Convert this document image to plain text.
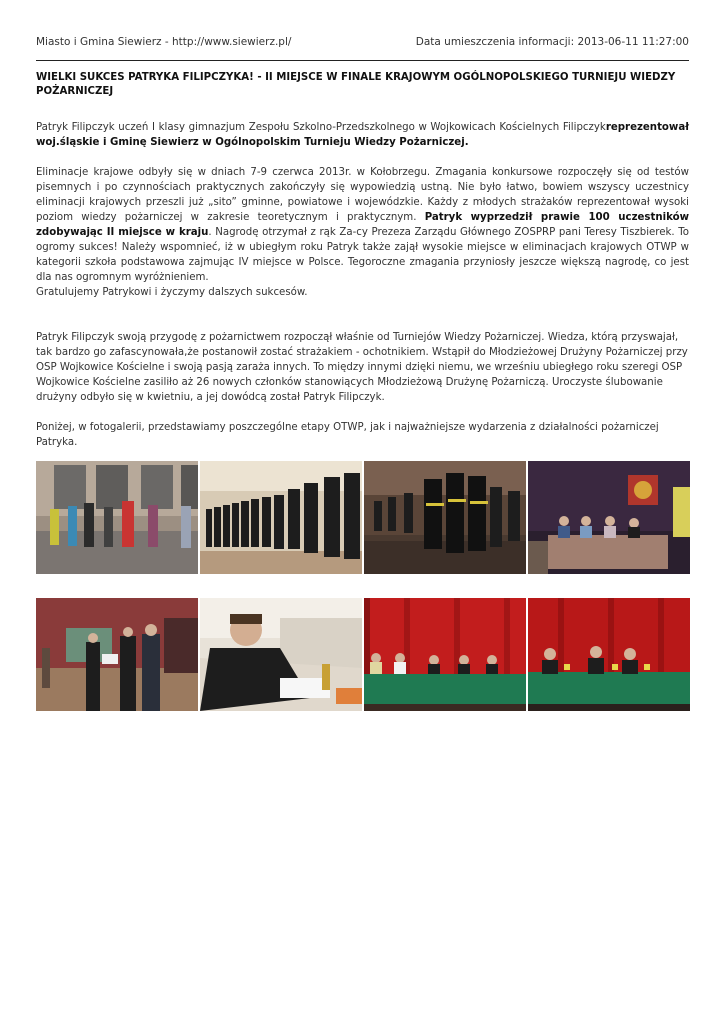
Miasto i Gmina Siewierz - http://www.siewierz.pl/	Data umieszczenia informacji: 2013-06-11 11:27:00
WIELKI SUKCES PATRYKA FILIPCZYKA! - II MIEJSCE W FINALE KRAJOWYM OGÓLNOPOLSKIEGO TURNIEJU WIEDZY POŻARNICZEJ

Patryk Filipczyk uczeń I klasy gimnazjum Zespołu Szkolno-Przedszkolnego w Wojkowicach Kościelnych Filipczykreprezentował woj.śląskie i Gminę Siewierz w Ogólnopolskim Turnieju Wiedzy Pożarniczej.

Eliminacje krajowe odbyły się w dniach 7-9 czerwca 2013r. w Kołobrzegu. Zmagania konkursowe rozpoczęły się od testów pisemnych i po czynnościach praktycznych zakończyły się wypowiedzią ustną. Nie było łatwo, bowiem wszyscy uczestnicy eliminacji krajowych przeszli już „sito” gminne, powiatowe i wojewódzkie. Każdy z młodych strażaków reprezentował wysoki poziom wiedzy pożarniczej w zakresie teoretycznym i praktycznym. Patryk wyprzedził prawie 100 uczestników zdobywając II miejsce w kraju. Nagrodę otrzymał z rąk Za-cy Prezeza Zarządu Głównego ZOSPRP pani Teresy Tiszbierek. To ogromy sukces! Należy wspomnieć, iż w ubiegłym roku Patryk także zajął wysokie miejsce w eliminacjach krajowych OTWP w kategorii szkoła podstawowa zajmując IV miejsce w Polsce. Tegoroczne zmagania przyniosły jeszcze większą nagrodę, co jest dla nas ogromnym wyróżnieniem.

Gratulujemy Patrykowi i życzymy dalszych sukcesów.

Patryk Filipczyk swoją przygodę z pożarnictwem rozpoczął właśnie od Turniejów Wiedzy Pożarniczej. Wiedza, którą przyswajał, tak bardzo go zafascynowała,że postanowił zostać strażakiem - ochotnikiem. Wstąpił do Młodzieżowej Drużyny Pożarniczej przy OSP Wojkowice Kościelne i swoją pasją zaraża innych. To między innymi dzięki niemu, we wrześniu ubiegłego roku szeregi OSP Wojkowice Kościelne zasiliło aż 26 nowych członków stanowiących Młodzieżową Drużynę Pożarniczą. Uroczyste ślubowanie drużyny odbyło się w kwietniu, a jej dowódcą został Patryk Filipczyk.

Poniżej, w fotogalerii, przedstawiamy poszczególne etapy OTWP, jak i najważniejsze wydarzenia z działalności pożarniczej Patryka.
